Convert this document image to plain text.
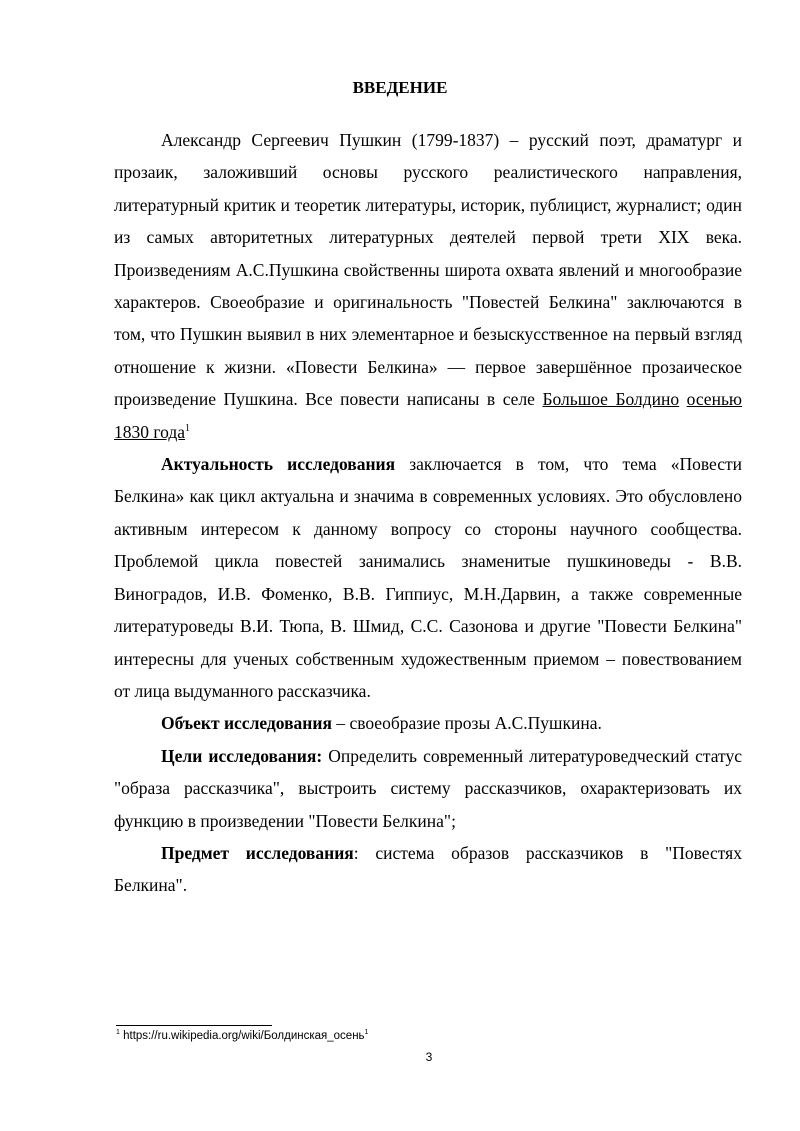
ВВЕДЕНИЕ

Александр Сергеевич Пушкин (1799-1837) – русский поэт, драматург и прозаик, заложивший основы русского реалистического направления, литературный критик и теоретик литературы, историк, публицист, журналист; один из самых авторитетных литературных деятелей первой трети XIX века. Произведениям А.С.Пушкина свойственны широта охвата явлений и многообразие характеров. Своеобразие и оригинальность "Повестей Белкина" заключаются в том, что Пушкин выявил в них элементарное и безыскусственное на первый взгляд отношение к жизни. «Повести Белкина» — первое завершённое прозаическое произведение Пушкина. Все повести написаны в селе Большое Болдино осенью 1830 года$^1$

Актуальность исследования заключается в том, что тема «Повести Белкина» как цикл актуальна и значима в современных условиях. Это обусловлено активным интересом к данному вопросу со стороны научного сообщества. Проблемой цикла повестей занимались знаменитые пушкиноведы - В.В. Виноградов, И.В. Фоменко, В.В. Гиппиус, М.Н.Дарвин, а также современные литературоведы В.И. Тюпа, В. Шмид, С.С. Сазонова и другие "Повести Белкина" интересны для ученых собственным художественным приемом – повествованием от лица выдуманного рассказчика.

Объект исследования – своеобразие прозы А.С.Пушкина.

Цели исследования: Определить современный литературоведческий статус "образа рассказчика", выстроить систему рассказчиков, охарактеризовать их функцию в произведении "Повести Белкина";

Предмет исследования: система образов рассказчиков в "Повестях Белкина".

$^1$ https://ru.wikipedia.org/wiki/Болдинская_осень$^1$
3
